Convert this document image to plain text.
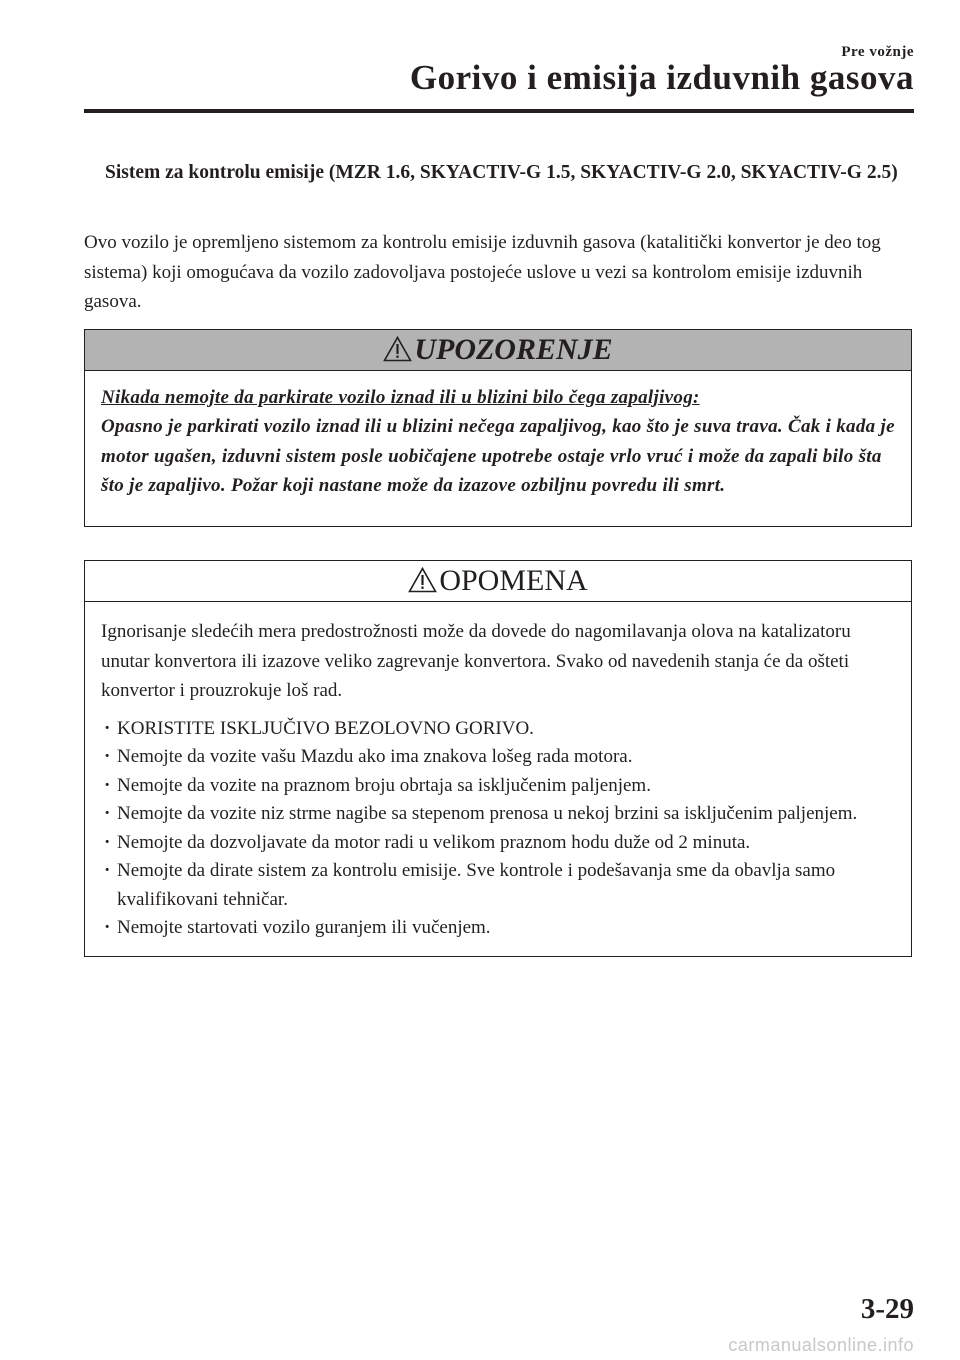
Pre vožnje
Gorivo i emisija izduvnih gasova
Sistem za kontrolu emisije (MZR 1.6, SKYACTIV-G 1.5, SKYACTIV-G 2.0, SKYACTIV-G 2.5)
Ovo vozilo je opremljeno sistemom za kontrolu emisije izduvnih gasova (katalitički konvertor je deo tog sistema) koji omogućava da vozilo zadovoljava postojeće uslove u vezi sa kontrolom emisije izduvnih gasova.
UPOZORENJE
Nikada nemojte da parkirate vozilo iznad ili u blizini bilo čega zapaljivog:
Opasno je parkirati vozilo iznad ili u blizini nečega zapaljivog, kao što je suva trava. Čak i kada je motor ugašen, izduvni sistem posle uobičajene upotrebe ostaje vrlo vruć i može da zapali bilo šta što je zapaljivo. Požar koji nastane može da izazove ozbiljnu povredu ili smrt.
OPOMENA
Ignorisanje sledećih mera predostrožnosti može da dovede do nagomilavanja olova na katalizatoru unutar konvertora ili izazove veliko zagrevanje konvertora. Svako od navedenih stanja će da ošteti konvertor i prouzrokuje loš rad.
· KORISTITE ISKLJUČIVO BEZOLOVNO GORIVO.
· Nemojte da vozite vašu Mazdu ako ima znakova lošeg rada motora.
· Nemojte da vozite na praznom broju obrtaja sa isključenim paljenjem.
· Nemojte da vozite niz strme nagibe sa stepenom prenosa u nekoj brzini sa isključenim paljenjem.
· Nemojte da dozvoljavate da motor radi u velikom praznom hodu duže od 2 minuta.
· Nemojte da dirate sistem za kontrolu emisije. Sve kontrole i podešavanja sme da obavlja samo kvalifikovani tehničar.
· Nemojte startovati vozilo guranjem ili vučenjem.
3-29
carmanualsonline.info
